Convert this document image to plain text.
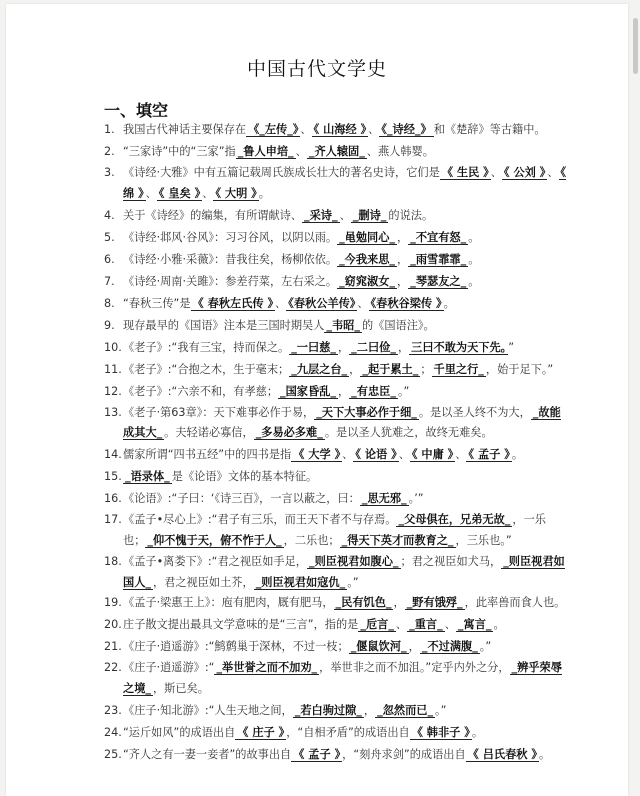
中国古代文学史
一、填空
1. 我国古代神话主要保存在 《_左传_》 、 《 山海经 》 、 《_诗经_》 和《楚辞》等古籍中。
2. “三家诗”中的“三家”指 _鲁人申培_ 、 _齐人辕固_ 、燕人韩婴。
3. 《诗经·大雅》中有五篇记载周氏族成长壮大的著名史诗，它们是 《 生民 》 、 《 公刘 》 、 《 绵 》 、 《 皇矣 》 、 《 大明 》 。
4. 关于《诗经》的编集，有所谓献诗、 _采诗_ 、 _删诗_ 的说法。
5. 《诗经·邶风·谷风》：习习谷风，以阴以雨。 _黾勉同心_ ， _不宜有怒_ 。
6. 《诗经·小雅·采薇》：昔我往矣，杨柳依依。 _今我来思_ ， _雨雪霏霏_ 。
7. 《诗经·周南·关雎》：参差荇菜，左右采之。 _窈窕淑女_ ， _琴瑟友之_ 。
8. “春秋三传”是 《 春秋左氏传 》 、 《春秋公羊传》 、 《春秋谷梁传 》 。
9. 现存最早的《国语》注本是三国时期吴人 _韦昭_ 的《国语注》。
10. 《老子》:“我有三宝，持而保之。 _一曰慈_ ， _二曰俭_ ， 三曰不敢为天下先。 ”
11. 《老子》:“合抱之木，生于毫末； _九层之台_ ， _起于累土_ ； 千里之行_ ，始于足下。”
12. 《老子》:“六亲不和，有孝慈； _国家昏乱_ ， _有忠臣_ 。”
13. 《老子·第63章》：天下难事必作于易， _天下大事必作于细_ 。是以圣人终不为大， _故能成其大_ 。夫轻诺必寡信， _多易必多难_ 。是以圣人犹难之，故终无难矣。
14. 儒家所谓“四书五经”中的四书是指 《 大学 》 、 《 论语 》 、 《 中庸 》 、 《 孟子 》 。
15. _语录体_ 是《论语》文体的基本特征。
16. 《论语》:“子曰：‘《诗三百》，一言以蔽之，曰： _思无邪_ 。’”
17. 《孟子•尽心上》:“君子有三乐，而王天下者不与存焉。 _父母俱在，兄弟无故_ ，一乐也； _仰不愧于天，俯不怍于人_ ，二乐也； _得天下英才而教育之_ ，三乐也。”
18. 《孟子•离娄下》:“君之视臣如手足， _则臣视君如腹心_ ；君之视臣如犬马， _则臣视君如国人_ ，君之视臣如土芥， _则臣视君如寇仇_ 。”
19. 《孟子·梁惠王上》：庖有肥肉，厩有肥马， _民有饥色_ ， _野有饿殍_ ，此率兽而食人也。
20. 庄子散文提出最具文学意味的是“三言”，指的是 _卮言_ 、 _重言_ 、 _寓言_ 。
21. 《庄子·逍遥游》:“鹪鹩巢于深林，不过一枝； _偃鼠饮河_ ， _不过满腹_ 。”
22. 《庄子·逍遥游》:“ _举世誉之而不加劝_ ，举世非之而不加沮。”定乎内外之分， _辨乎荣辱之境_ ，斯已矣。
23. 《庄子·知北游》:“人生天地之间， _若白驹过隙_ ， _忽然而已_ 。”
24. “运斤如风”的成语出自 《 庄子 》 ，“自相矛盾”的成语出自 《 韩非子 》 。
25. “齐人之有一妻一妾者”的故事出自 《 孟子 》 ，“刻舟求剑”的成语出自 《 吕氏春秋 》 。
